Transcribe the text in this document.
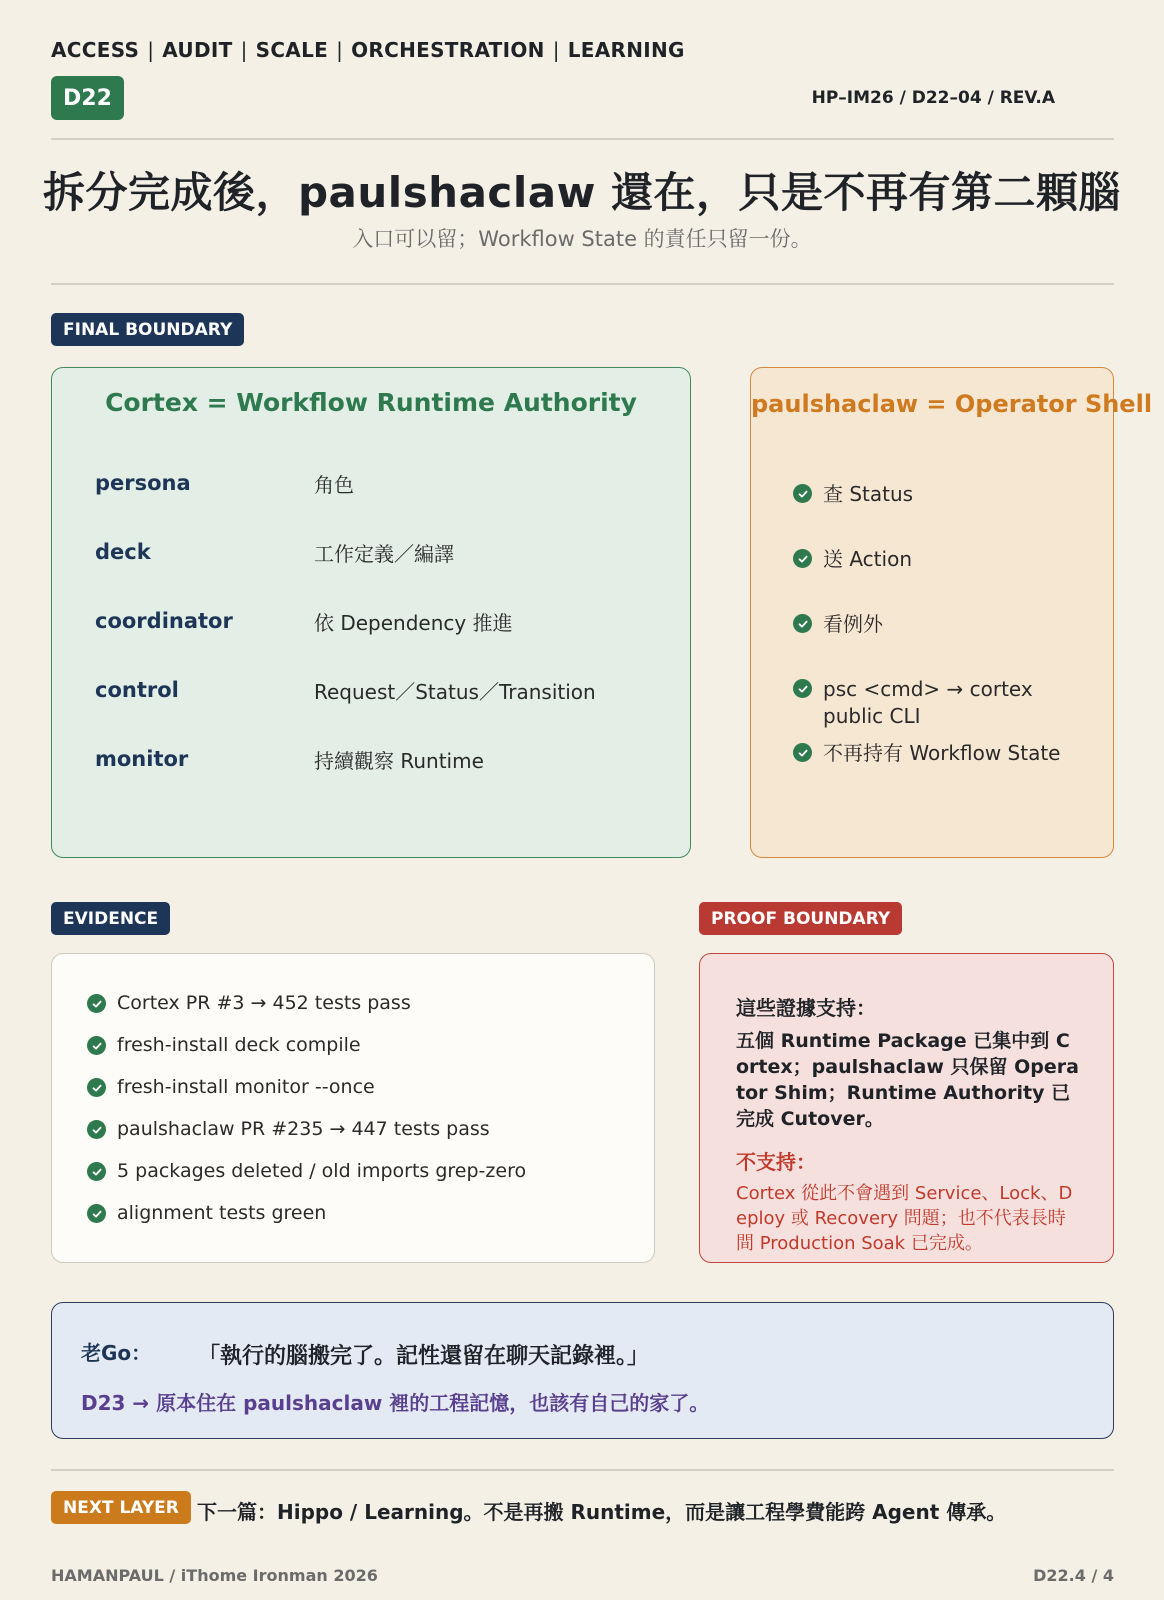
ACCESS | AUDIT | SCALE | ORCHESTRATION | LEARNING
D22	HP–IM26 / D22–04 / REV.A
拆分完成後，paulshaclaw 還在，只是不再有第二顆腦
入口可以留；Workflow State 的責任只留一份。
FINAL BOUNDARY
Cortex = Workflow Runtime Authority
persona	角色
deck	工作定義／編譯
coordinator	依 Dependency 推進
control	Request／Status／Transition
monitor	持續觀察 Runtime
paulshaclaw = Operator Shell
查 Status
送 Action
看例外
psc <cmd> → cortex public CLI
不再持有 Workflow State
EVIDENCE
Cortex PR #3 → 452 tests pass
fresh-install deck compile
fresh-install monitor --once
paulshaclaw PR #235 → 447 tests pass
5 packages deleted / old imports grep-zero
alignment tests green
PROOF BOUNDARY
這些證據支持：
五個 Runtime Package 已集中到 Cortex；paulshaclaw 只保留 Operator Shim；Runtime Authority 已完成 Cutover。
不支持：
Cortex 從此不會遇到 Service、Lock、Deploy 或 Recovery 問題；也不代表長時間 Production Soak 已完成。
老Go： 「執行的腦搬完了。記性還留在聊天記錄裡。」
D23 → 原本住在 paulshaclaw 裡的工程記憶，也該有自己的家了。
NEXT LAYER 下一篇：Hippo / Learning。不是再搬 Runtime，而是讓工程學費能跨 Agent 傳承。
HAMANPAUL / iThome Ironman 2026	D22.4 / 4
